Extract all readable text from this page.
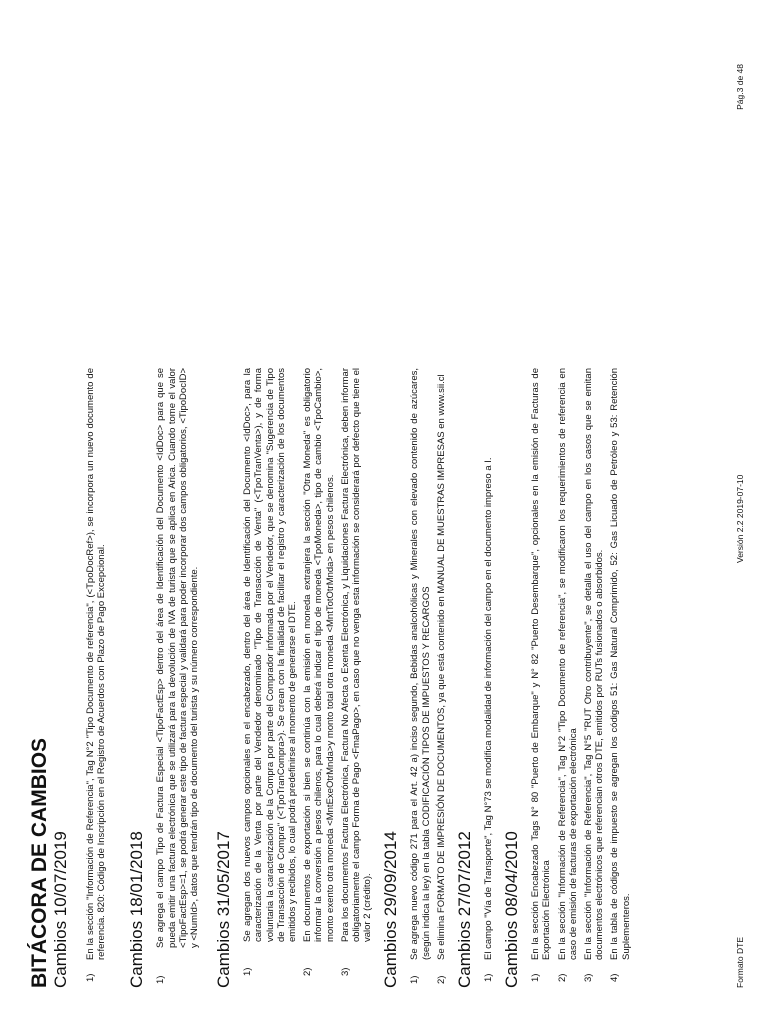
BITÁCORA DE CAMBIOS Cambios 10/07/2019 1)
En la sección "Información de Referencia", Tag N°2 "Tipo Documento de referencia", (<TpoDocRef>), se incorpora un nuevo documento de referencia. 820: Código de Inscripción en el Registro de Acuerdos con Plazo de Pago Excepcional. Cambios 18/01/2018 1)
Se agrega el campo Tipo de Factura Especial <TipoFactEsp> dentro del área de Identificación del Documento <IdDoc> para que se pueda emitir una factura electrónica que se utilizará para la devolución de IVA de turista que se aplica en Arica. Cuando tome el valor <TipoFactEsp>=1, se podrá generar este tipo de factura especial y validará para poder incorporar dos campos obligatorios, <TipoDocID> y <NumId>, datos que tendrán tipo de documento del turista y su número correspondiente. Cambios 31/05/2017 1)
Se agregan dos nuevos campos opcionales en el encabezado, dentro del área de Identificación del Documento <IdDoc>, para la caracterización de la Venta por parte del Vendedor denominado "Tipo de Transacción de Venta" (<TpoTranVenta>), y de forma voluntaria la caracterización de la Compra por parte del Comprador informada por el Vendedor, que se denomina "Sugerencia de Tipo de Transacción de Compra" (<TpoTranCompra>). Se crean con la finalidad de facilitar el registro y caracterización de los documentos emitidos y recibidos, lo cual podrá predefinirse al momento de generarse el DTE.
2)
En documentos de exportación si bien se continúa con la emisión en moneda extranjera la sección "Otra Moneda" es obligatorio informar la conversión a pesos chilenos, para lo cual deberá indicar el tipo de moneda <TpoMoneda>, tipo de cambio <TpoCambio>, monto exento otra moneda <MntExeOtrMnda>y monto total otra moneda <MntTotOtrMnda> en pesos chilenos.
3)
Para los documentos Factura Electrónica, Factura No Afecta o Exenta Electrónica, y Liquidaciones Factura Electrónica, deben informar obligatoriamente el campo Forma de Pago <FmaPago>, en caso que no venga esta información se considerará por defecto que tiene el valor 2 (crédito). Cambios 29/09/2014 1)
Se agrega nuevo código 271 para el Art. 42 a) inciso segundo, Bebidas analcohólicas y Minerales con elevado contenido de azúcares, (según indica la ley) en la tabla CODIFICACIÓN TIPOS DE IMPUESTOS Y RECARGOS
2)
Se elimina FORMATO DE IMPRESIÓN DE DOCUMENTOS, ya que está contenido en MANUAL DE MUESTRAS IMPRESAS en www.sii.cl Cambios 27/07/2012 1)
El campo "Vía de Transporte", Tag N°73 se modifica modalidad de información del campo en el documento impreso a I. Cambios 08/04/2010 1)
En la sección Encabezado Tags N° 80 "Puerto de Embarque" y N° 82 "Puerto Desembarque", opcionales en la emisión de Facturas de Exportación Electrónica
2)
En la sección "Información de Referencia", Tag N°2 "Tipo Documento de referencia", se modificaron los requerimientos de referencia en caso de emisión de facturas de exportación electrónica
3)
En la sección "Información de Referencia", Tag N°5 "RUT Otro contribuyente", se detalla el uso del campo en los casos que se emitan documentos electrónicos que referencian otros DTE, emitidos por RUTs fusionados o absorbidos.
4)
En la tabla de códigos de impuesto se agregan los códigos 51: Gas Natural Comprimido, 52: Gas Licuado de Petróleo y 53: Retención Suplementeros.
Formato DTE
Versión 2.2 2019-07-10
Pág.3 de 48
